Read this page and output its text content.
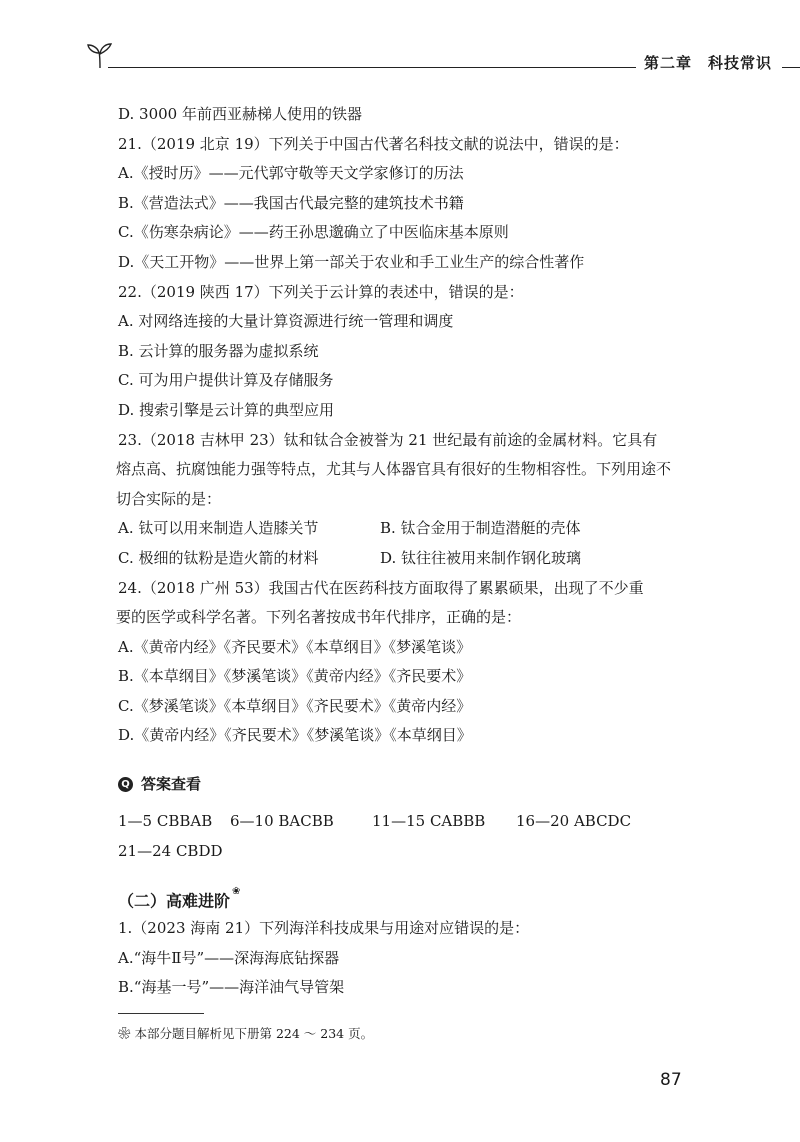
第二章 科技常识
D. 3000 年前西亚赫梯人使用的铁器
21.（2019 北京 19）下列关于中国古代著名科技文献的说法中，错误的是：
A.《授时历》——元代郭守敬等天文学家修订的历法
B.《营造法式》——我国古代最完整的建筑技术书籍
C.《伤寒杂病论》——药王孙思邈确立了中医临床基本原则
D.《天工开物》——世界上第一部关于农业和手工业生产的综合性著作
22.（2019 陕西 17）下列关于云计算的表述中，错误的是：
A. 对网络连接的大量计算资源进行统一管理和调度
B. 云计算的服务器为虚拟系统
C. 可为用户提供计算及存储服务
D. 搜索引擎是云计算的典型应用
23.（2018 吉林甲 23）钛和钛合金被誉为 21 世纪最有前途的金属材料。它具有
熔点高、抗腐蚀能力强等特点，尤其与人体器官具有很好的生物相容性。下列用途不
切合实际的是：
A. 钛可以用来制造人造膝关节	B. 钛合金用于制造潜艇的壳体
C. 极细的钛粉是造火箭的材料	D. 钛往往被用来制作钢化玻璃
24.（2018 广州 53）我国古代在医药科技方面取得了累累硕果，出现了不少重
要的医学或科学名著。下列名著按成书年代排序，正确的是：
A.《黄帝内经》《齐民要术》《本草纲目》《梦溪笔谈》
B.《本草纲目》《梦溪笔谈》《黄帝内经》《齐民要术》
C.《梦溪笔谈》《本草纲目》《齐民要术》《黄帝内经》
D.《黄帝内经》《齐民要术》《梦溪笔谈》《本草纲目》
Q 答案查看
1—5 CBBAB 6—10 BACBB	11—15 CABBB 16—20 ABCDC
21—24 CBDD
（二）高难进阶 ❀
1.（2023 海南 21）下列海洋科技成果与用途对应错误的是：
A.“海牛Ⅱ号”——深海海底钻探器
B.“海基一号”——海洋油气导管架
❀ 本部分题目解析见下册第 224 ～ 234 页。
87
